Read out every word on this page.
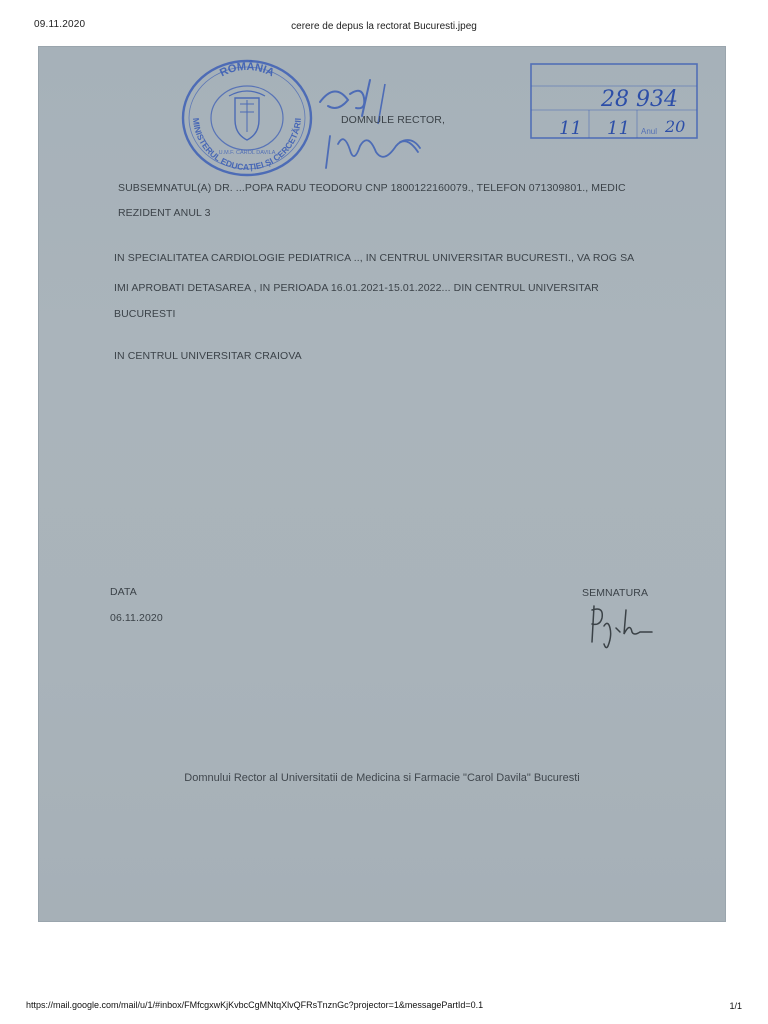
09.11.2020	cerere de depus la rectorat Bucuresti.jpeg
ROMÂNIA
MINISTERUL EDUCAȚIEI ȘI CERCETĂRII
U.M.F. CAROL DAVILA
28 934
11 11 Anul 20
DOMNULE RECTOR,
SUBSEMNATUL(A) DR. ...POPA RADU TEODORU CNP 1800122160079., TELEFON 071309801., MEDIC
REZIDENT ANUL 3
IN SPECIALITATEA CARDIOLOGIE PEDIATRICA .., IN CENTRUL UNIVERSITAR BUCURESTI., VA ROG SA
IMI APROBATI DETASAREA , IN PERIOADA 16.01.2021-15.01.2022... DIN CENTRUL UNIVERSITAR
BUCURESTI
IN CENTRUL UNIVERSITAR CRAIOVA
DATA
06.11.2020
SEMNATURA
Domnului Rector al Universitatii de Medicina si Farmacie "Carol Davila" Bucuresti
https://mail.google.com/mail/u/1/#inbox/FMfcgxwKjKvbcCgMNtqXlvQFRsTnznGc?projector=1&messagePartId=0.1	1/1
